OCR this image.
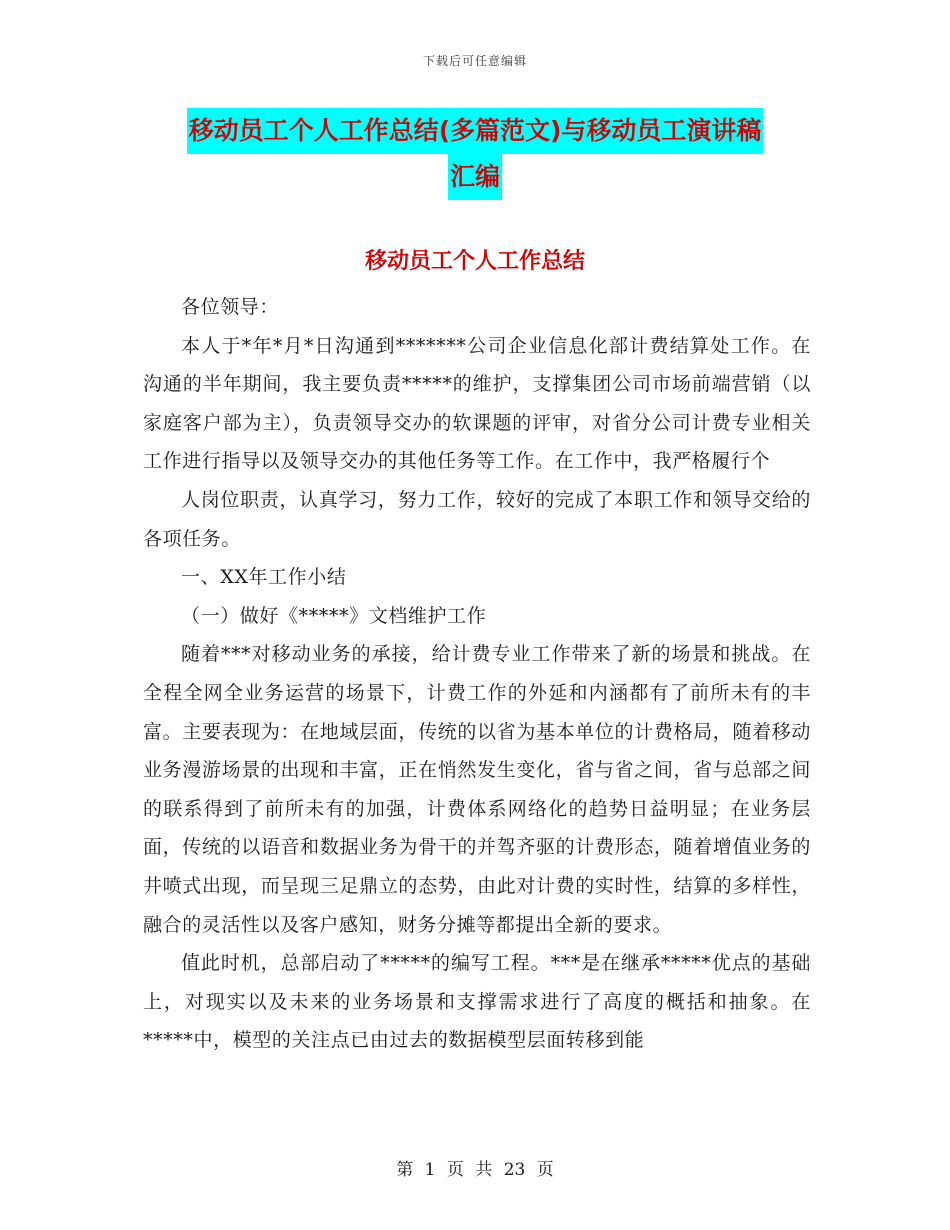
下载后可任意编辑
移动员工个人工作总结(多篇范文)与移动员工演讲稿
汇编
移动员工个人工作总结

各位领导：

本人于*年*月*日沟通到*******公司企业信息化部计费结算处工作。在沟通的半年期间，我主要负责*****的维护，支撑集团公司市场前端营销（以家庭客户部为主），负责领导交办的软课题的评审，对省分公司计费专业相关工作进行指导以及领导交办的其他任务等工作。在工作中，我严格履行个

人岗位职责，认真学习，努力工作，较好的完成了本职工作和领导交给的各项任务。

一、XX年工作小结

（一）做好《*****》文档维护工作

随着***对移动业务的承接，给计费专业工作带来了新的场景和挑战。在全程全网全业务运营的场景下，计费工作的外延和内涵都有了前所未有的丰富。主要表现为：在地域层面，传统的以省为基本单位的计费格局，随着移动业务漫游场景的出现和丰富，正在悄然发生变化，省与省之间，省与总部之间的联系得到了前所未有的加强，计费体系网络化的趋势日益明显；在业务层面，传统的以语音和数据业务为骨干的并驾齐驱的计费形态，随着增值业务的井喷式出现，而呈现三足鼎立的态势，由此对计费的实时性，结算的多样性，融合的灵活性以及客户感知，财务分摊等都提出全新的要求。

值此时机，总部启动了*****的编写工程。***是在继承*****优点的基础上，对现实以及未来的业务场景和支撑需求进行了高度的概括和抽象。在*****中，模型的关注点已由过去的数据模型层面转移到能

第 1 页 共 23 页
